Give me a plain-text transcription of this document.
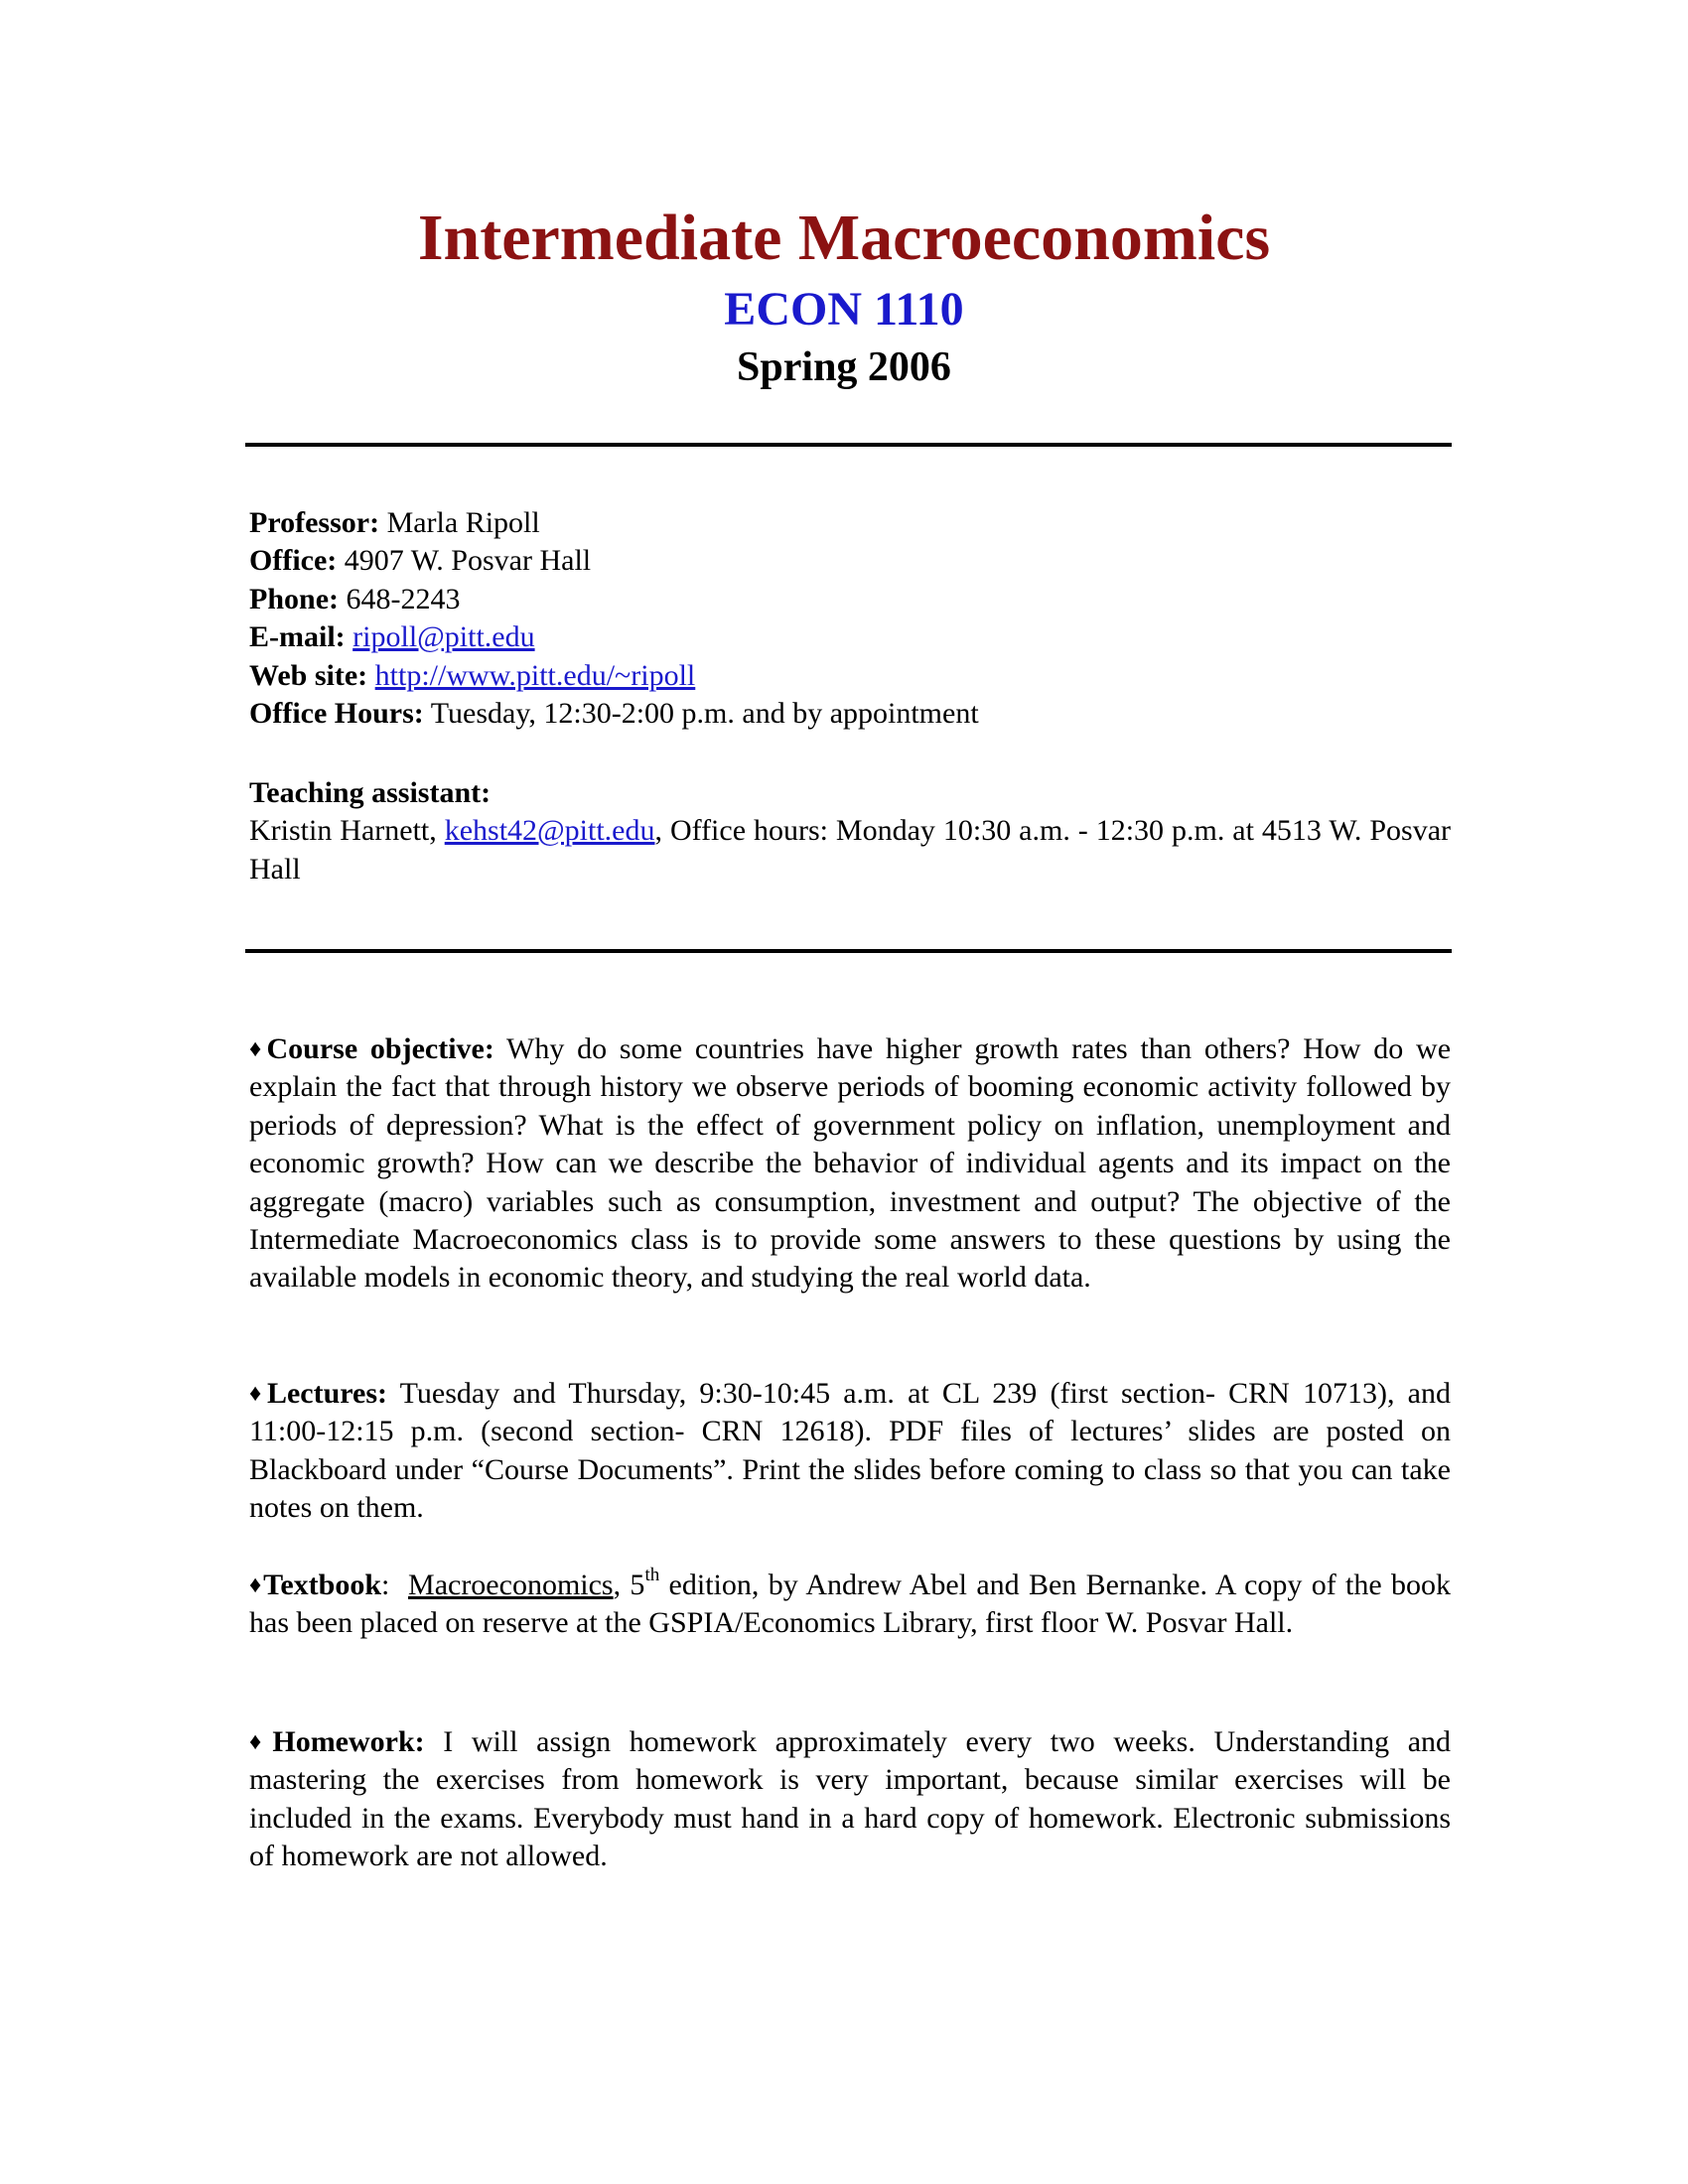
Intermediate Macroeconomics
ECON 1110
Spring 2006
Professor: Marla Ripoll
Office: 4907 W. Posvar Hall
Phone: 648-2243
E-mail: ripoll@pitt.edu
Web site: http://www.pitt.edu/~ripoll
Office Hours: Tuesday, 12:30-2:00 p.m. and by appointment
Teaching assistant:
Kristin Harnett, kehst42@pitt.edu, Office hours: Monday 10:30 a.m. - 12:30 p.m. at 4513 W. Posvar Hall

♦Course objective: Why do some countries have higher growth rates than others? How do we explain the fact that through history we observe periods of booming economic activity followed by periods of depression? What is the effect of government policy on inflation, unemployment and economic growth? How can we describe the behavior of individual agents and its impact on the aggregate (macro) variables such as consumption, investment and output? The objective of the Intermediate Macroeconomics class is to provide some answers to these questions by using the available models in economic theory, and studying the real world data.

♦Lectures: Tuesday and Thursday, 9:30-10:45 a.m. at CL 239 (first section- CRN 10713), and 11:00-12:15 p.m. (second section- CRN 12618). PDF files of lectures’ slides are posted on Blackboard under “Course Documents”. Print the slides before coming to class so that you can take notes on them.

♦Textbook: Macroeconomics, 5th edition, by Andrew Abel and Ben Bernanke. A copy of the book has been placed on reserve at the GSPIA/Economics Library, first floor W. Posvar Hall.

♦Homework: I will assign homework approximately every two weeks. Understanding and mastering the exercises from homework is very important, because similar exercises will be included in the exams. Everybody must hand in a hard copy of homework. Electronic submissions of homework are not allowed.
